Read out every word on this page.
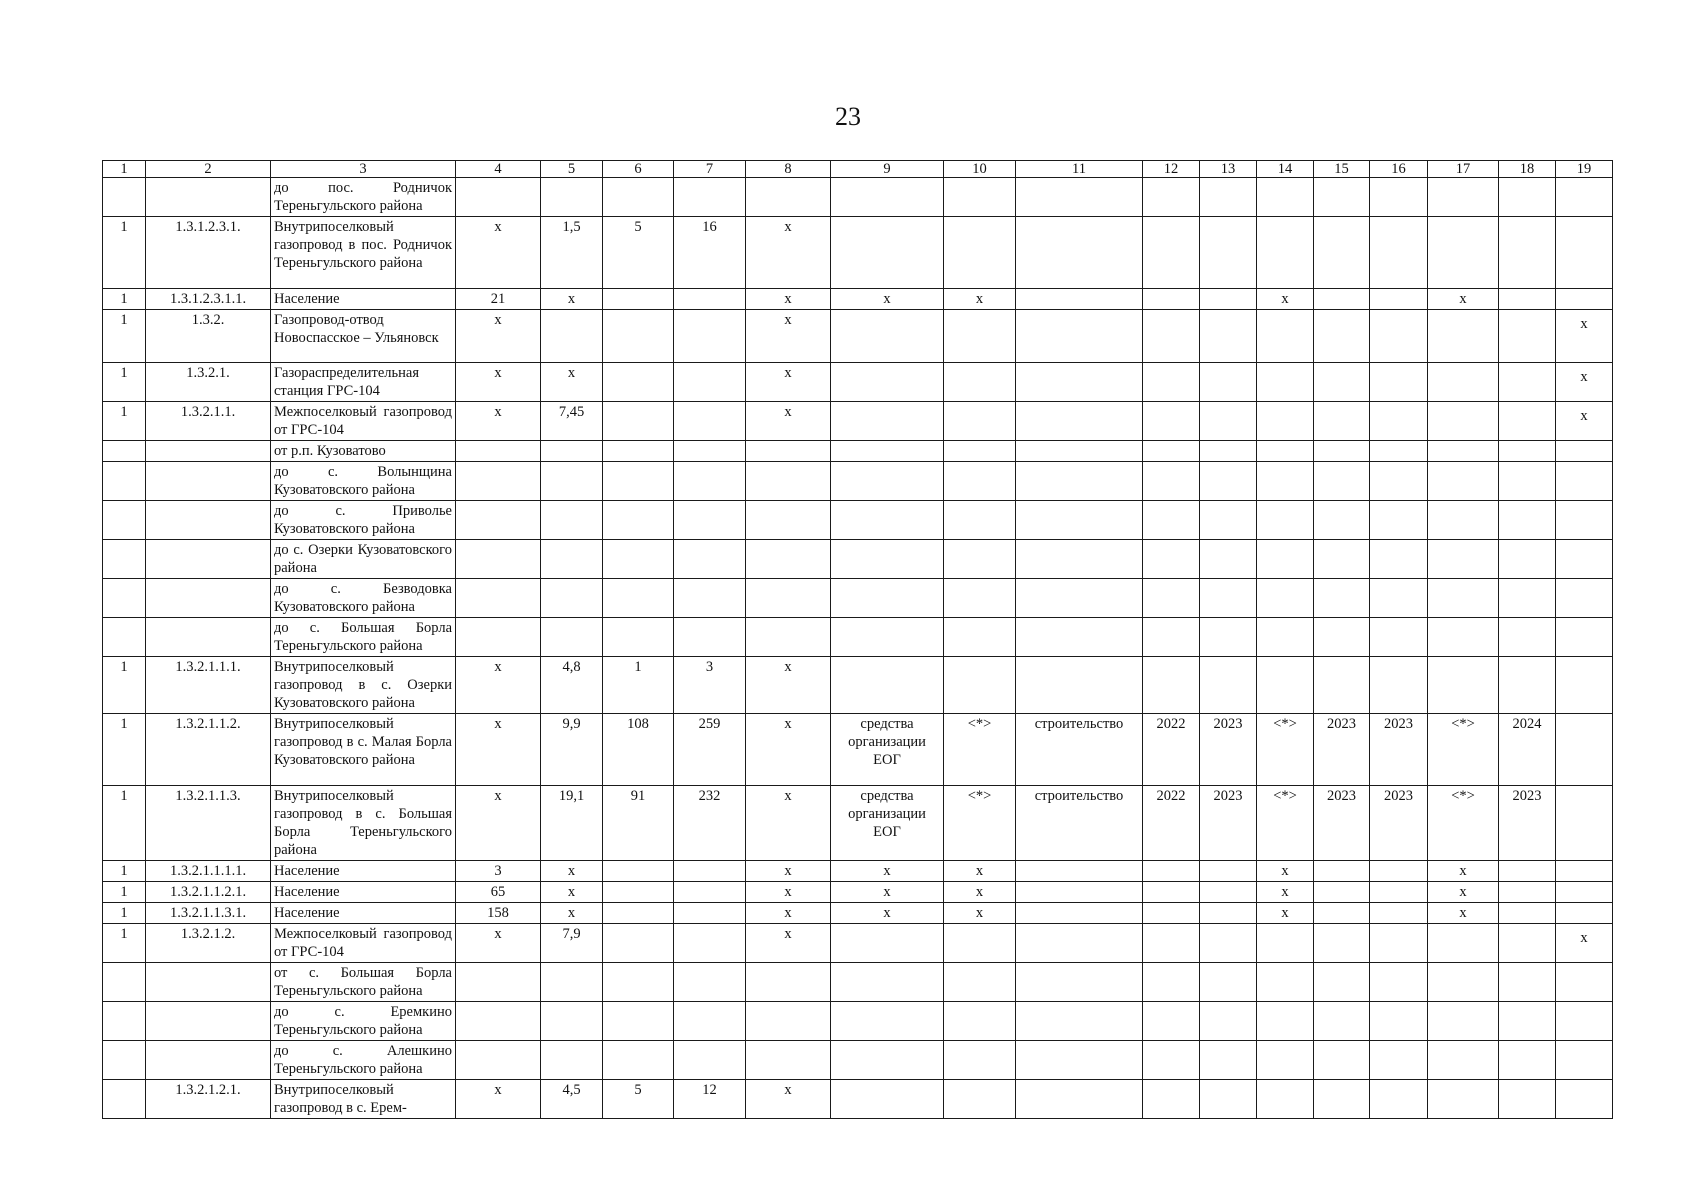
23
1	2	3	4	5	6	7	8	9	10	11	12	13	14	15	16	17	18	19
		до пос. Родничок Тереньгульского района																
1	1.3.1.2.3.1.	Внутрипоселковый газопровод в пос. Родничок Тереньгульского района	х	1,5	5	16	х											
1	1.3.1.2.3.1.1.	Население	21	х			х	х	х				х			х		
1	1.3.2.	Газопровод-отвод Новоспасское – Ульяновск	х				х											х
1	1.3.2.1.	Газораспределительная станция ГРС-104	х	х			х											х
1	1.3.2.1.1.	Межпоселковый газопровод от ГРС-104	х	7,45			х											х
		от р.п. Кузоватово																
		до с. Волынщина Кузоватовского района																
		до с. Приволье Кузоватовского района																
		до с. Озерки Кузоватовского района																
		до с. Безводовка Кузоватовского района																
		до с. Большая Борла Тереньгульского района																
1	1.3.2.1.1.1.	Внутрипоселковый газопровод в с. Озерки Кузоватовского района	х	4,8	1	3	х											
1	1.3.2.1.1.2.	Внутрипоселковый газопровод в с. Малая Борла Кузоватовского района	х	9,9	108	259	х	средства организации ЕОГ	<*>	строительство	2022	2023	<*>	2023	2023	<*>	2024	
1	1.3.2.1.1.3.	Внутрипоселковый газопровод в с. Большая Борла Тереньгульского района	х	19,1	91	232	х	средства организации ЕОГ	<*>	строительство	2022	2023	<*>	2023	2023	<*>	2023	
1	1.3.2.1.1.1.1.	Население	3	х			х	х	х				х			х		
1	1.3.2.1.1.2.1.	Население	65	х			х	х	х				х			х		
1	1.3.2.1.1.3.1.	Население	158	х			х	х	х				х			х		
1	1.3.2.1.2.	Межпоселковый газопровод от ГРС-104	х	7,9			х											х
		от с. Большая Борла Тереньгульского района																
		до с. Еремкино Тереньгульского района																
		до с. Алешкино Тереньгульского района																
	1.3.2.1.2.1.	Внутрипоселковый газопровод в с. Ерем-	х	4,5	5	12	х											
